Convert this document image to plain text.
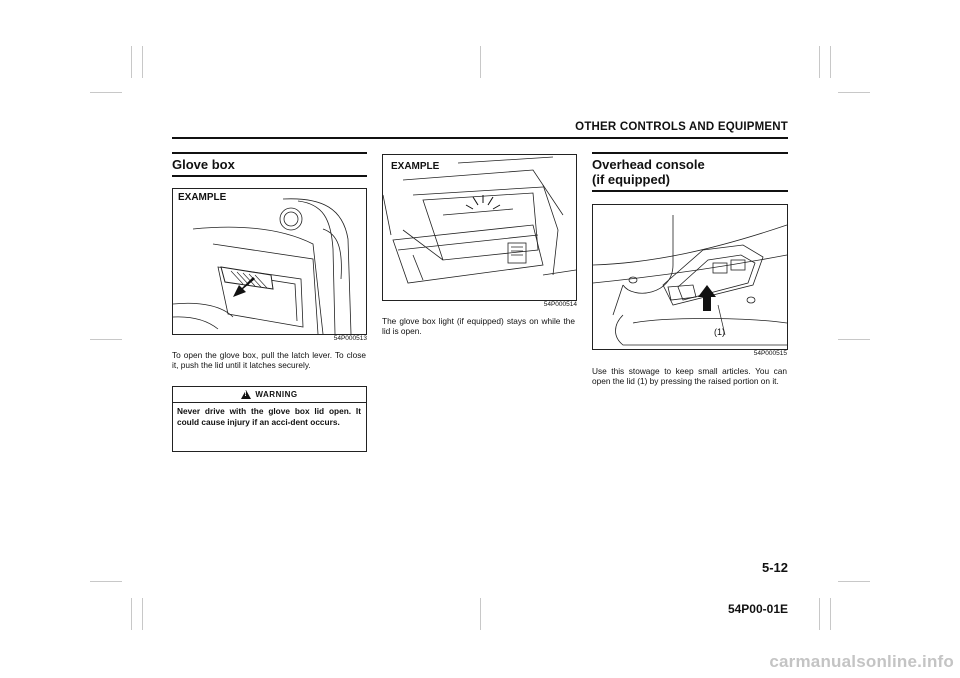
OTHER CONTROLS AND EQUIPMENT
Glove box
EXAMPLE
54P000513
To open the glove box, pull the latch lever. To close it, push the lid until it latches securely.
!
WARNING
Never drive with the glove box lid open. It could cause injury if an acci-dent occurs.
EXAMPLE
54P000514
The glove box light (if equipped) stays on while the lid is open.
Overhead console
(if equipped)
(1)
54P000515
Use this stowage to keep small articles. You can open the lid (1) by pressing the raised portion on it.
5-12
54P00-01E
carmanualsonline.info
